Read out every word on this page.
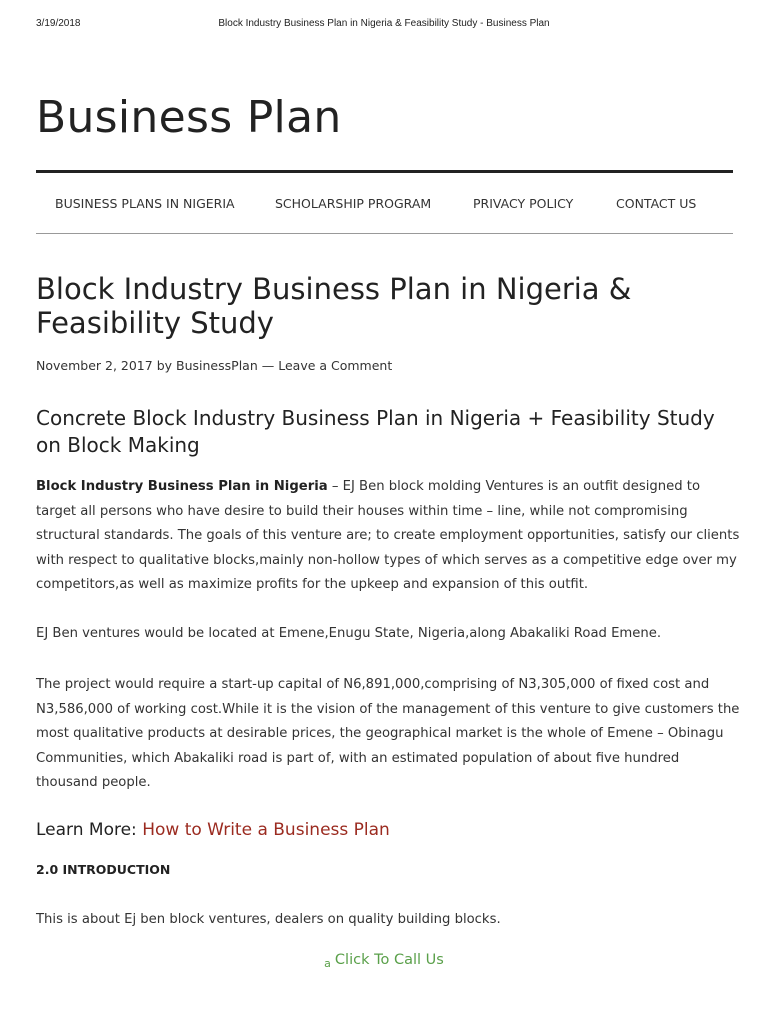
3/19/2018	Block Industry Business Plan in Nigeria & Feasibility Study - Business Plan
Business Plan
BUSINESS PLANS IN NIGERIA	SCHOLARSHIP PROGRAM	PRIVACY POLICY	CONTACT US
Block Industry Business Plan in Nigeria & Feasibility Study
November 2, 2017 by BusinessPlan — Leave a Comment
Concrete Block Industry Business Plan in Nigeria + Feasibility Study on Block Making

Block Industry Business Plan in Nigeria – EJ Ben block molding Ventures is an outfit designed to target all persons who have desire to build their houses within time – line, while not compromising structural standards. The goals of this venture are; to create employment opportunities, satisfy our clients with respect to qualitative blocks,mainly non-hollow types of which serves as a competitive edge over my competitors,as well as maximize profits for the upkeep and expansion of this outfit.

EJ Ben ventures would be located at Emene,Enugu State, Nigeria,along Abakaliki Road Emene.

The project would require a start-up capital of N6,891,000,comprising of N3,305,000 of fixed cost and N3,586,000 of working cost.While it is the vision of the management of this venture to give customers the most qualitative products at desirable prices, the geographical market is the whole of Emene – Obinagu Communities, which Abakaliki road is part of, with an estimated population of about five hundred thousand people.

Learn More: How to Write a Business Plan

2.0 INTRODUCTION

This is about Ej ben block ventures, dealers on quality building blocks.

$_a$ Click To Call Us
